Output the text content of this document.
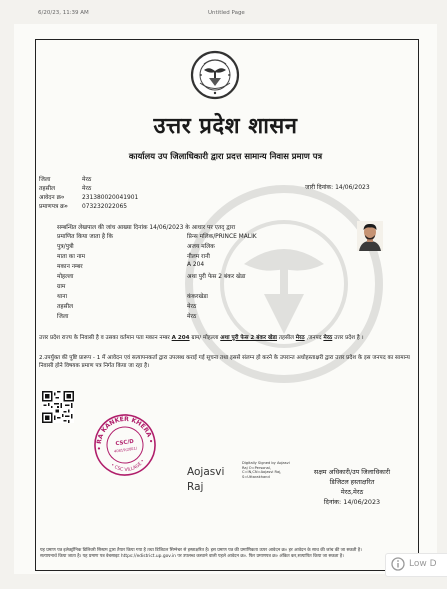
6/20/23, 11:39 AM	Untitled Page
उत्तर प्रदेश शासन
कार्यालय उप जिलाधिकारी द्वारा प्रदत्त सामान्य निवास प्रमाण पत्र
जिला	मेरठ
तहसील	मेरठ
आवेदन क्र०	231380020041901
प्रमाणपत्र क्र० 073232022065
जारी दिनांक: 14/06/2023
सम्बन्धित लेखपाल की जांच आख्या दिनांक 14/06/2023 के आधार पर एतद् द्वारा
प्रमाणित किया जाता है कि	प्रिन्स मलिक/PRINCE MALIK
पुत्र/पुत्री	अजय मलिक
माता का नाम	नीलम रानी
मकान नम्बर	A 204
मोहल्ला	अथा पुरी फेस 2 बंकर खेडा
ग्राम
थाना	कंकरखेडा
तहसील	मेरठ
जिला	मेरठ
उत्तर प्रदेश राज्य के निवासी है व उसका वर्तमान पता मकान नम्बर A 204 ग्राम/ मोहल्ला अथा पुरी फेस 2 बंकर खेडा तहसील मेरठ ,जनपद मेरठ उत्तर प्रदेश है ।
2.उपर्युक्त की पुष्टि प्रारूप - 1 में आवेदन एवं सत्यापनकर्ता द्वारा उपलब्ध कराई गई सूचना तथा इससे संलग्न हो करने के उपरान्त अधोहस्ताक्षरी द्वारा उत्तर प्रदेश के इस जनपद का सामान्य निवासी होने विषयक प्रमाण पत्र निर्गत किया जा रहा है।
• RA KANKER KHERA •
• CSC VILLAGE •
CSC/D
40819(28E1)
Aojasvi
Raj
Digitally Signed by Aojasvi
Raj O=Personal,
C=IN,CN=Aojasvi Raj,
S=Uttarakhand
सक्षम अधिकारी/उप जिलाधिकारी
डिजिटल हस्ताक्षरित
मेरठ,मेरठ
दिनांक: 14/06/2023
यह प्रमाण पत्र इलेक्ट्रॉनिक डिलिवरी सिस्टम द्वारा तैयार किया गया है तथा डिजिटल सिग्नेचर से हस्ताक्षरित है। इस प्रमाण पत्र की प्रमाणिकता ऊपर आवेदन क्र० हर आवेदन के साथ की जांच की जा सकती है।
सत्यापनार्थ किया जाता है। यह प्रमाण पत्र वेबसाइट https://edistrict.up.gov.in पर उपलब्ध करवाने वाली पहले आवेदन क्र०. फिर प्रमाणपत्र क्र० अंकित कर,सत्यापित किया जा सकता है।
Low D
